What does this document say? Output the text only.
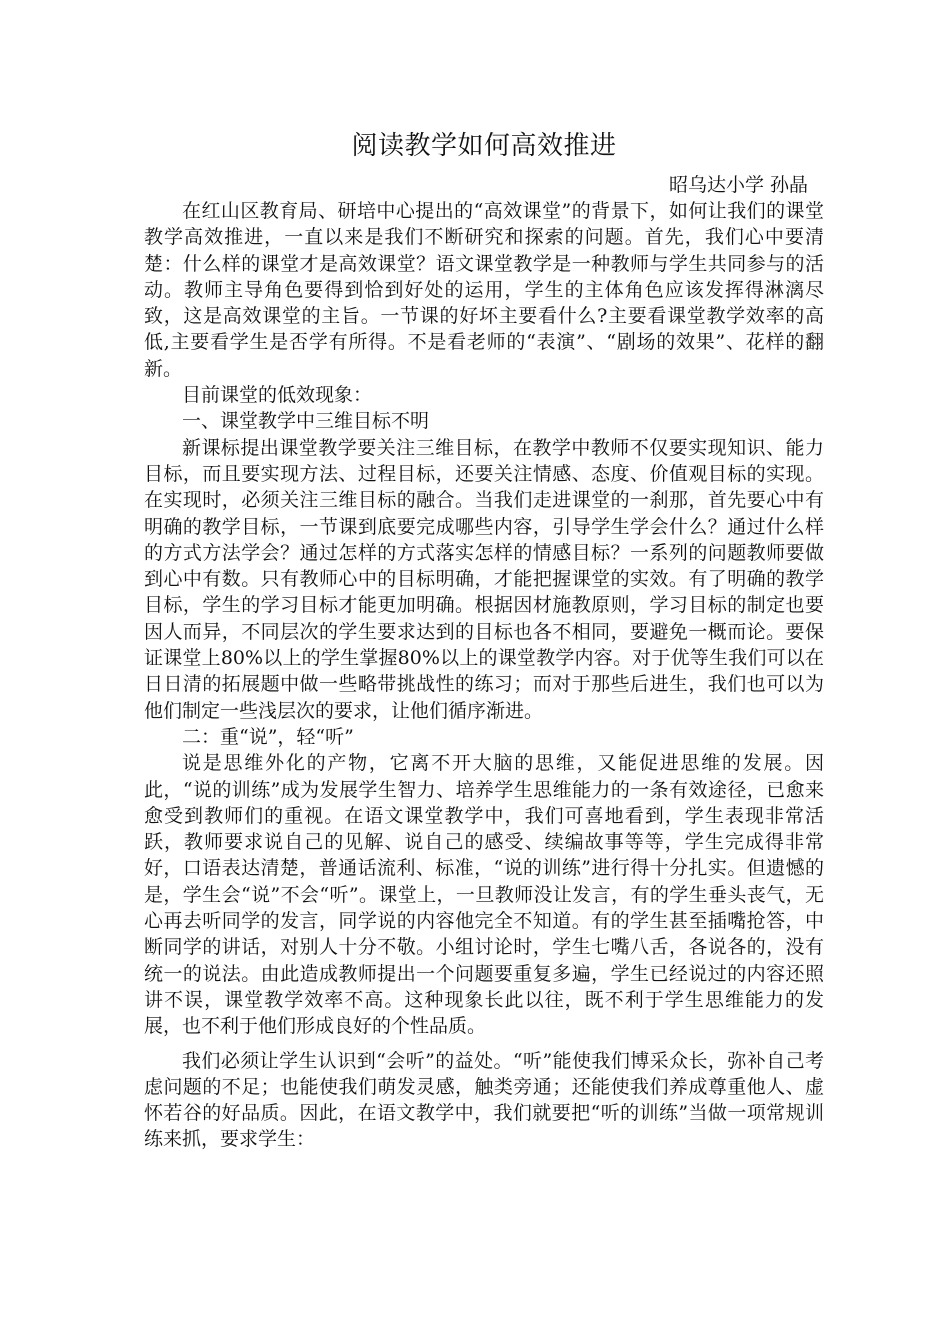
阅读教学如何高效推进

昭乌达小学 孙晶

在红山区教育局、研培中心提出的“高效课堂”的背景下，如何让我们的课堂教学高效推进，一直以来是我们不断研究和探索的问题。首先，我们心中要清楚：什么样的课堂才是高效课堂？语文课堂教学是一种教师与学生共同参与的活动。教师主导角色要得到恰到好处的运用，学生的主体角色应该发挥得淋漓尽致，这是高效课堂的主旨。一节课的好坏主要看什么?主要看课堂教学效率的高低,主要看学生是否学有所得。不是看老师的“表演”、“剧场的效果”、花样的翻新。

目前课堂的低效现象：

一、课堂教学中三维目标不明

新课标提出课堂教学要关注三维目标，在教学中教师不仅要实现知识、能力目标，而且要实现方法、过程目标，还要关注情感、态度、价值观目标的实现。在实现时，必须关注三维目标的融合。当我们走进课堂的一刹那，首先要心中有明确的教学目标，一节课到底要完成哪些内容，引导学生学会什么？通过什么样的方式方法学会？通过怎样的方式落实怎样的情感目标？一系列的问题教师要做到心中有数。只有教师心中的目标明确，才能把握课堂的实效。有了明确的教学目标，学生的学习目标才能更加明确。根据因材施教原则，学习目标的制定也要因人而异，不同层次的学生要求达到的目标也各不相同，要避免一概而论。要保证课堂上80%以上的学生掌握80%以上的课堂教学内容。对于优等生我们可以在日日清的拓展题中做一些略带挑战性的练习；而对于那些后进生，我们也可以为他们制定一些浅层次的要求，让他们循序渐进。

二：重“说”，轻“听”

说是思维外化的产物，它离不开大脑的思维，又能促进思维的发展。因此，“说的训练”成为发展学生智力、培养学生思维能力的一条有效途径，已愈来愈受到教师们的重视。在语文课堂教学中，我们可喜地看到，学生表现非常活跃，教师要求说自己的见解、说自己的感受、续编故事等等，学生完成得非常好，口语表达清楚，普通话流利、标准，“说的训练”进行得十分扎实。但遗憾的是，学生会“说”不会“听”。课堂上，一旦教师没让发言，有的学生垂头丧气，无心再去听同学的发言，同学说的内容他完全不知道。有的学生甚至插嘴抢答，中断同学的讲话，对别人十分不敬。小组讨论时，学生七嘴八舌，各说各的，没有统一的说法。由此造成教师提出一个问题要重复多遍，学生已经说过的内容还照讲不误，课堂教学效率不高。这种现象长此以往，既不利于学生思维能力的发展，也不利于他们形成良好的个性品质。

我们必须让学生认识到“会听”的益处。“听”能使我们博采众长，弥补自己考虑问题的不足；也能使我们萌发灵感，触类旁通；还能使我们养成尊重他人、虚怀若谷的好品质。因此，在语文教学中，我们就要把“听的训练”当做一项常规训练来抓，要求学生：
